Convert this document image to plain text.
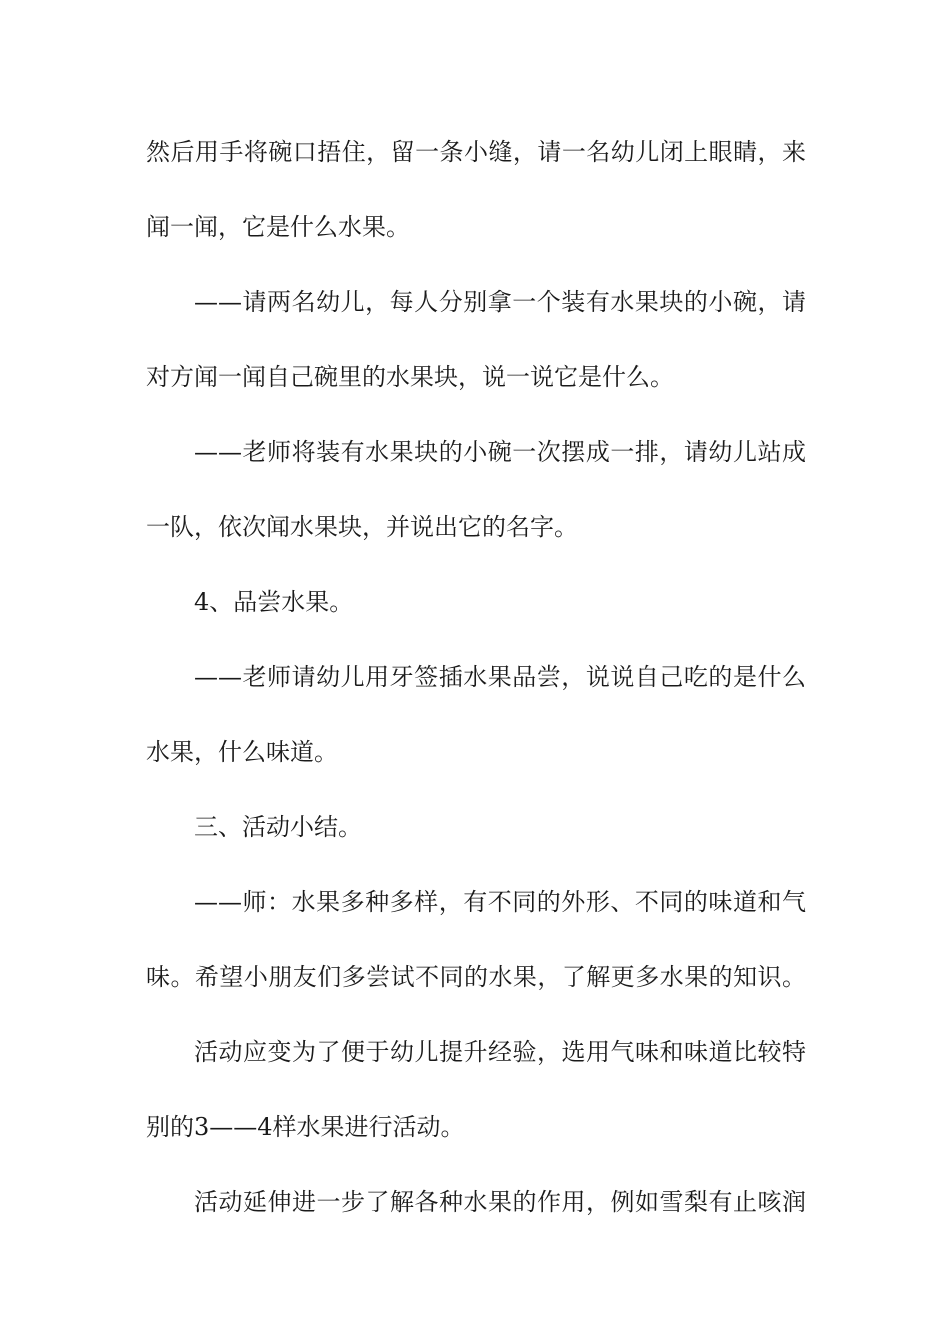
然后用手将碗口捂住，留一条小缝，请一名幼儿闭上眼睛，来
闻一闻，它是什么水果。
——请两名幼儿，每人分别拿一个装有水果块的小碗，请
对方闻一闻自己碗里的水果块，说一说它是什么。
——老师将装有水果块的小碗一次摆成一排，请幼儿站成
一队，依次闻水果块，并说出它的名字。
4、品尝水果。
——老师请幼儿用牙签插水果品尝，说说自己吃的是什么
水果，什么味道。
三、活动小结。
——师：水果多种多样，有不同的外形、不同的味道和气
味。希望小朋友们多尝试不同的水果，了解更多水果的知识。
活动应变为了便于幼儿提升经验，选用气味和味道比较特
别的3——4样水果进行活动。
活动延伸进一步了解各种水果的作用，例如雪梨有止咳润
